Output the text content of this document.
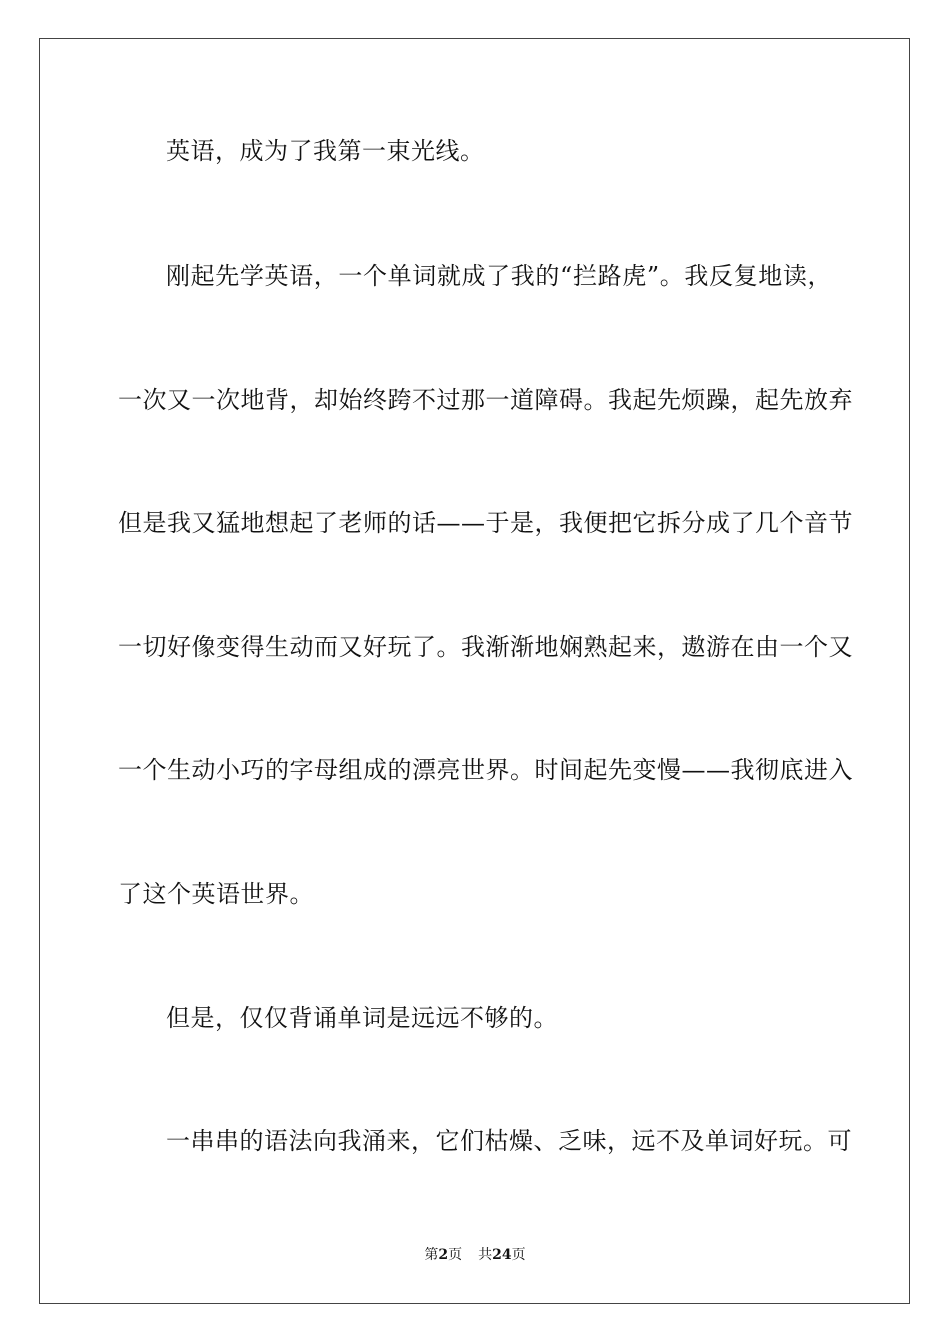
英语，成为了我第一束光线。
刚起先学英语，一个单词就成了我的“拦路虎”。我反复地读，
一次又一次地背，却始终跨不过那一道障碍。我起先烦躁，起先放弃
但是我又猛地想起了老师的话——于是，我便把它拆分成了几个音节
一切好像变得生动而又好玩了。我渐渐地娴熟起来，遨游在由一个又
一个生动小巧的字母组成的漂亮世界。时间起先变慢——我彻底进入
了这个英语世界。
但是，仅仅背诵单词是远远不够的。
一串串的语法向我涌来，它们枯燥、乏味，远不及单词好玩。可
第2页 共24页
